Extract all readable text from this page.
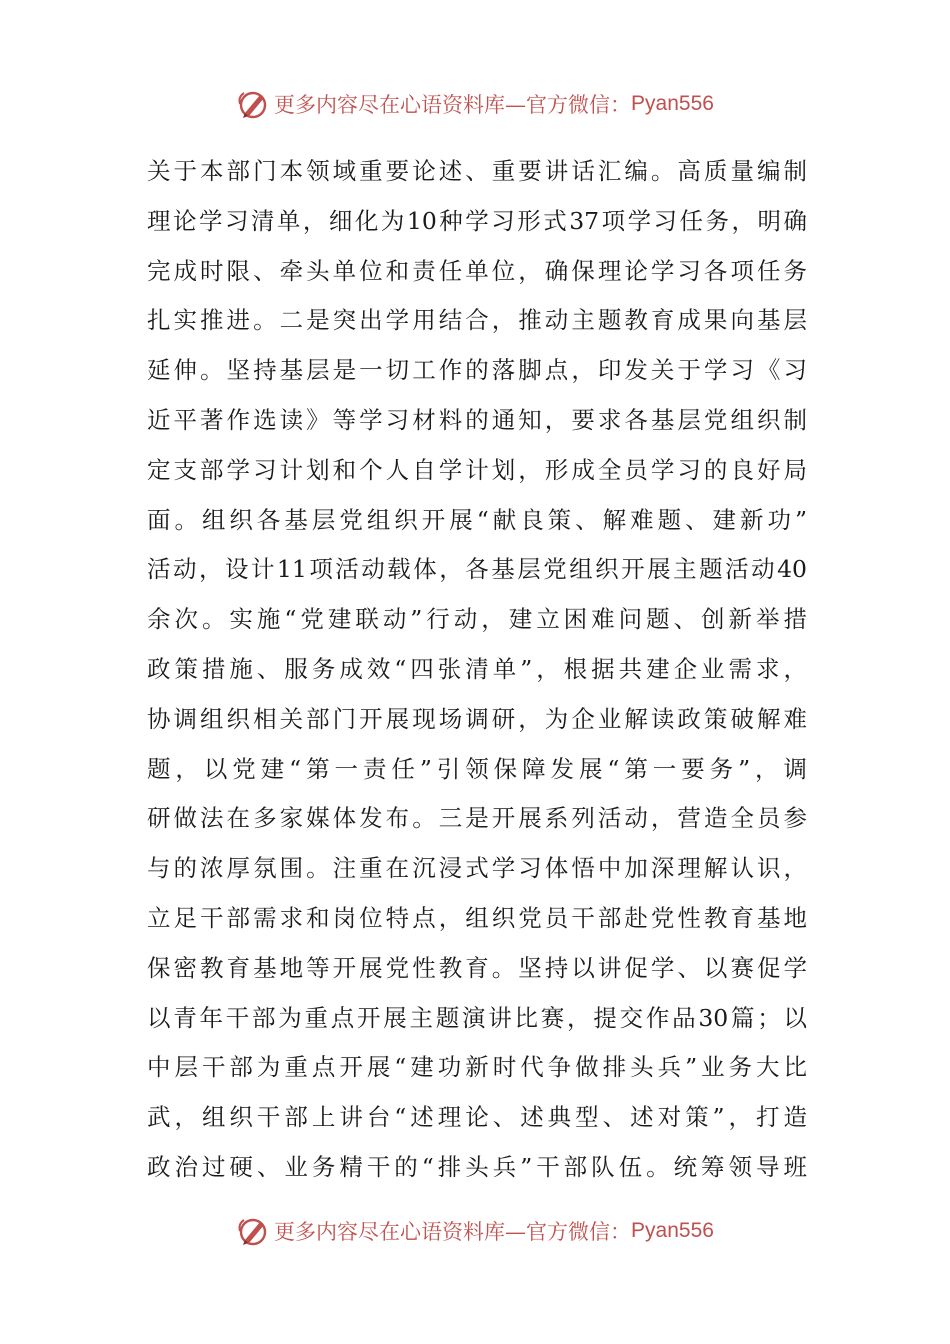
更多内容尽在心语资料库—官方微信： Pyan556
关于本部门本领域重要论述、重要讲话汇编。高质量编制
理论学习清单，细化为10种学习形式37项学习任务，明确
完成时限、牵头单位和责任单位，确保理论学习各项任务
扎实推进。二是突出学用结合，推动主题教育成果向基层
延伸。坚持基层是一切工作的落脚点，印发关于学习《习
近平著作选读》等学习材料的通知，要求各基层党组织制
定支部学习计划和个人自学计划，形成全员学习的良好局
面。组织各基层党组织开展“献良策、解难题、建新功”
活动，设计11项活动载体，各基层党组织开展主题活动40
余次。实施“党建联动”行动，建立困难问题、创新举措
政策措施、服务成效“四张清单”，根据共建企业需求，
协调组织相关部门开展现场调研，为企业解读政策破解难
题，以党建“第一责任”引领保障发展“第一要务”，调
研做法在多家媒体发布。三是开展系列活动，营造全员参
与的浓厚氛围。注重在沉浸式学习体悟中加深理解认识，
立足干部需求和岗位特点，组织党员干部赴党性教育基地
保密教育基地等开展党性教育。坚持以讲促学、以赛促学
以青年干部为重点开展主题演讲比赛，提交作品30篇；以
中层干部为重点开展“建功新时代争做排头兵”业务大比
武，组织干部上讲台“述理论、述典型、述对策”，打造
政治过硬、业务精干的“排头兵”干部队伍。统筹领导班
更多内容尽在心语资料库—官方微信： Pyan556
